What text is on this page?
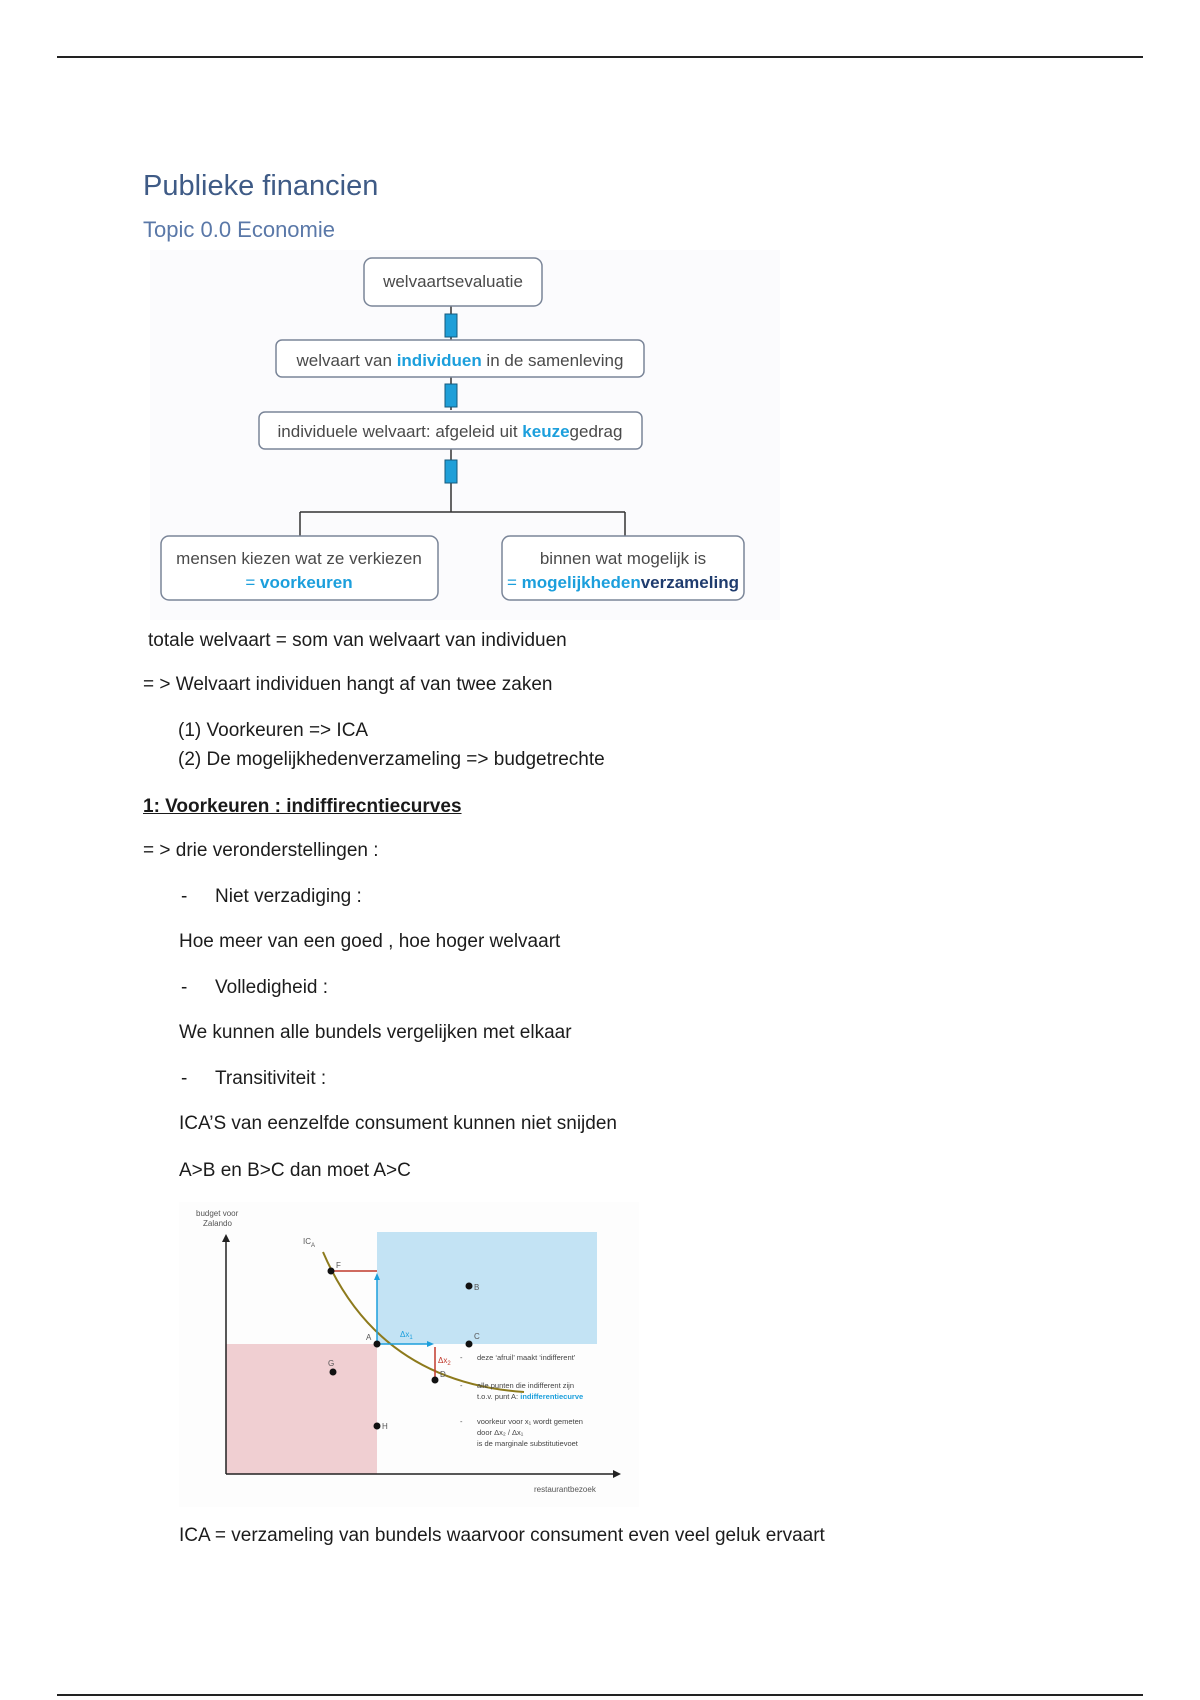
Publieke financien
Topic 0.0 Economie
welvaartsevaluatie
welvaart van individuen in de samenleving
individuele welvaart: afgeleid uit keuzegedrag
mensen kiezen wat ze verkiezen
= voorkeuren
binnen wat mogelijk is
= mogelijkhedenverzameling
totale welvaart = som van welvaart van individuen
= > Welvaart individuen hangt af van twee zaken
(1) Voorkeuren => ICA
(2) De mogelijkhedenverzameling => budgetrechte
1: Voorkeuren : indiffirecntiecurves
= > drie veronderstellingen :
- Niet verzadiging :
Hoe meer van een goed , hoe hoger welvaart
- Volledigheid :
We kunnen alle bundels vergelijken met elkaar
- Transitiviteit :
ICA’S van eenzelfde consument kunnen niet snijden
A>B en B>C dan moet A>C
budget voor
Zalando
restaurantbezoek
$IC_A$
F
B
A	C
G
D
H
$\Delta x_1$
$\Delta x_2$
- deze ‘afruil’ maakt ‘indifferent’
- alle punten die indifferent zijn
t.o.v. punt A: indifferentiecurve
- voorkeur voor x₁ wordt gemeten
door Δx₂ / Δx₁
is de marginale substitutievoet
ICA = verzameling van bundels waarvoor consument even veel geluk ervaart
